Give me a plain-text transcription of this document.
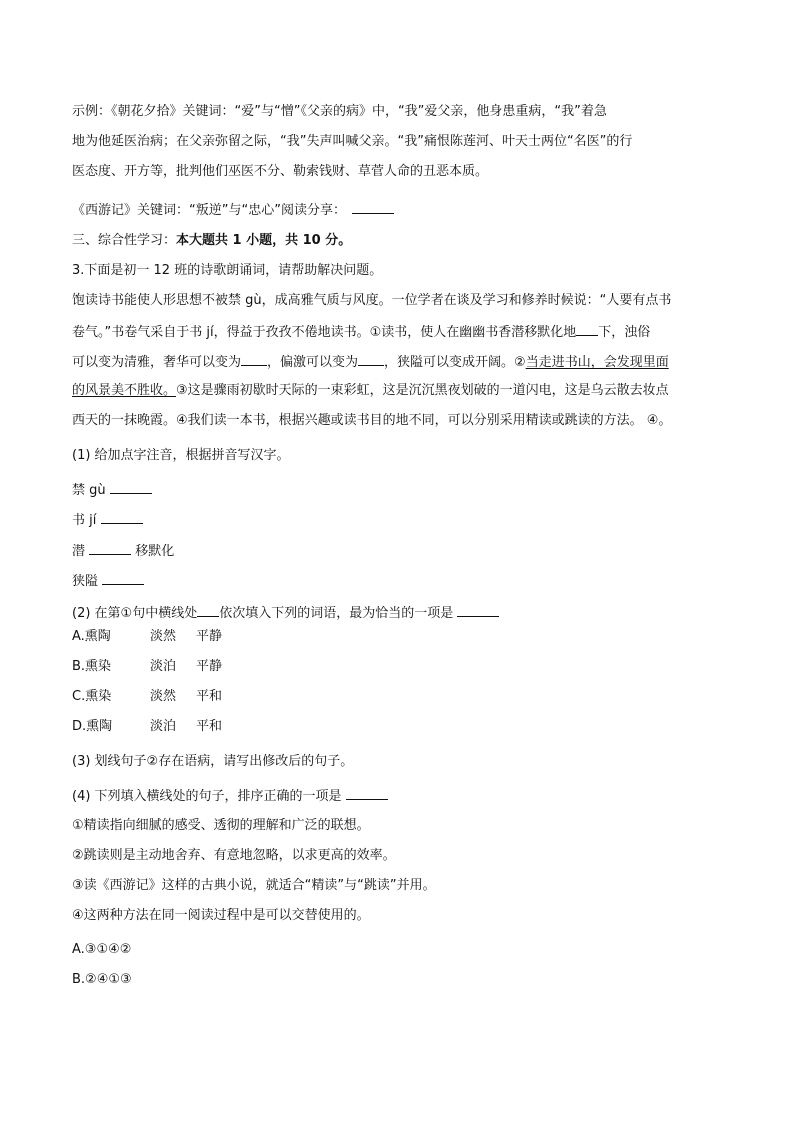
示例：《朝花夕拾》关键词：“爱”与“憎”《父亲的病》中，“我”爱父亲，他身患重病，“我”着急
地为他延医治病；在父亲弥留之际，“我”失声叫喊父亲。“我”痛恨陈莲河、叶天士两位“名医”的行
医态度、开方等，批判他们巫医不分、勒索钱财、草菅人命的丑恶本质。
《西游记》关键词：“叛逆”与“忠心”阅读分享：
三、综合性学习：本大题共 1 小题，共 10 分。
3.下面是初一 12 班的诗歌朗诵词，请帮助解决问题。
饱读诗书能使人形思想不被禁 gù，成高雅气质与风度。一位学者在谈及学习和修养时候说：“人要有点书
卷气。”书卷气采自于书 jí，得益于孜孜不倦地读书。①读书，使人在幽幽书香潜移默化地 下，浊俗
可以变为清雅，奢华可以变为 ，偏激可以变为 ，狭隘可以变成开阔。②当走进书山，会发现里面
的风景美不胜收。③这是骤雨初歇时天际的一束彩虹，这是沉沉黑夜划破的一道闪电，这是乌云散去妆点
西天的一抹晚霞。④我们读一本书，根据兴趣或读书目的地不同，可以分别采用精读或跳读的方法。 ④。
(1) 给加点字注音，根据拼音写汉字。
禁 gù
书 jí
潜	移默化
狭隘
(2) 在第①句中横线处 依次填入下列的词语，最为恰当的一项是
A.熏陶	淡然 平静
B.熏染	淡泊 平静
C.熏染	淡然 平和
D.熏陶	淡泊 平和
(3) 划线句子②存在语病，请写出修改后的句子。
(4) 下列填入横线处的句子，排序正确的一项是
①精读指向细腻的感受、透彻的理解和广泛的联想。
②跳读则是主动地舍弃、有意地忽略，以求更高的效率。
③读《西游记》这样的古典小说，就适合“精读”与“跳读”并用。
④这两种方法在同一阅读过程中是可以交替使用的。
A.③①④②
B.②④①③
